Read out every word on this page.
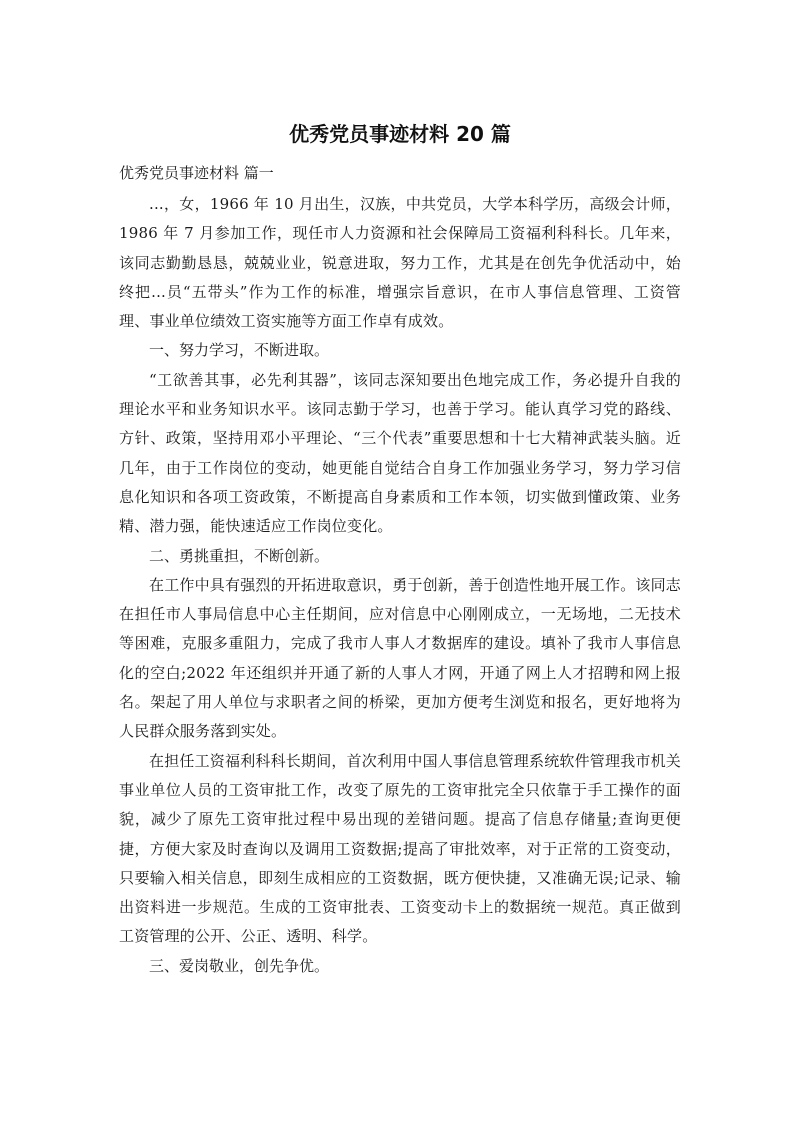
优秀党员事迹材料 20 篇

优秀党员事迹材料 篇一

...，女，1966 年 10 月出生，汉族，中共党员，大学本科学历，高级会计师，1986 年 7 月参加工作，现任市人力资源和社会保障局工资福利科科长。几年来，该同志勤勤恳恳，兢兢业业，锐意进取，努力工作，尤其是在创先争优活动中，始终把...员“五带头”作为工作的标准，增强宗旨意识，在市人事信息管理、工资管理、事业单位绩效工资实施等方面工作卓有成效。

一、努力学习，不断进取。

“工欲善其事，必先利其器”，该同志深知要出色地完成工作，务必提升自我的理论水平和业务知识水平。该同志勤于学习，也善于学习。能认真学习党的路线、方针、政策，坚持用邓小平理论、“三个代表”重要思想和十七大精神武装头脑。近几年，由于工作岗位的变动，她更能自觉结合自身工作加强业务学习，努力学习信息化知识和各项工资政策，不断提高自身素质和工作本领，切实做到懂政策、业务精、潜力强，能快速适应工作岗位变化。

二、勇挑重担，不断创新。

在工作中具有强烈的开拓进取意识，勇于创新，善于创造性地开展工作。该同志在担任市人事局信息中心主任期间，应对信息中心刚刚成立，一无场地，二无技术等困难，克服多重阻力，完成了我市人事人才数据库的建设。填补了我市人事信息化的空白;2022 年还组织并开通了新的人事人才网，开通了网上人才招聘和网上报名。架起了用人单位与求职者之间的桥梁，更加方便考生浏览和报名，更好地将为人民群众服务落到实处。

在担任工资福利科科长期间，首次利用中国人事信息管理系统软件管理我市机关事业单位人员的工资审批工作，改变了原先的工资审批完全只依靠于手工操作的面貌，减少了原先工资审批过程中易出现的差错问题。提高了信息存储量;查询更便捷，方便大家及时查询以及调用工资数据;提高了审批效率，对于正常的工资变动，只要输入相关信息，即刻生成相应的工资数据，既方便快捷，又准确无误;记录、输出资料进一步规范。生成的工资审批表、工资变动卡上的数据统一规范。真正做到工资管理的公开、公正、透明、科学。

三、爱岗敬业，创先争优。
